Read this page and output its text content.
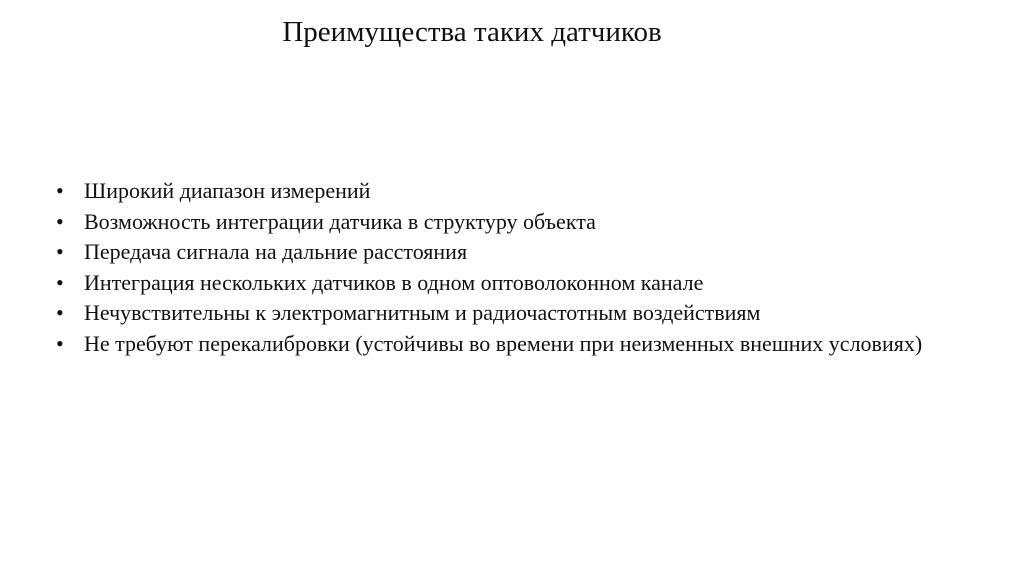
Преимущества таких датчиков
• Широкий диапазон измерений
• Возможность интеграции датчика в структуру объекта
• Передача сигнала на дальние расстояния
• Интеграция нескольких датчиков в одном оптоволоконном канале
• Нечувствительны к электромагнитным и радиочастотным воздействиям
• Не требуют перекалибровки (устойчивы во времени при неизменных внешних условиях)
